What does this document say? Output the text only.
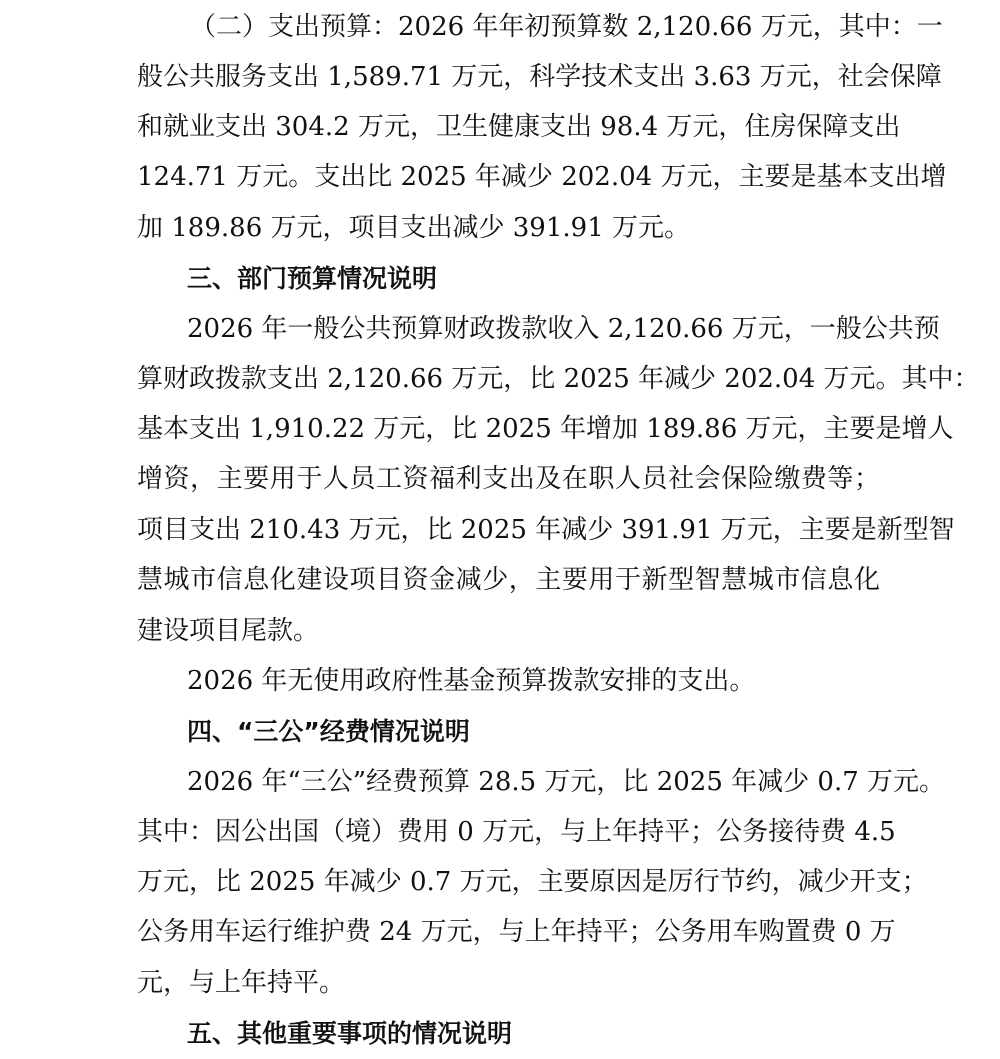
（二）支出预算：2026 年年初预算数 2,120.66 万元，其中：一
般公共服务支出 1,589.71 万元，科学技术支出 3.63 万元，社会保障
和就业支出 304.2 万元，卫生健康支出 98.4 万元，住房保障支出
124.71 万元。支出比 2025 年减少 202.04 万元，主要是基本支出增
加 189.86 万元，项目支出减少 391.91 万元。
三、部门预算情况说明
2026 年一般公共预算财政拨款收入 2,120.66 万元，一般公共预
算财政拨款支出 2,120.66 万元，比 2025 年减少 202.04 万元。其中：
基本支出 1,910.22 万元，比 2025 年增加 189.86 万元，主要是增人
增资，主要用于人员工资福利支出及在职人员社会保险缴费等；
项目支出 210.43 万元，比 2025 年减少 391.91 万元，主要是新型智
慧城市信息化建设项目资金减少，主要用于新型智慧城市信息化
建设项目尾款。
2026 年无使用政府性基金预算拨款安排的支出。
四、“三公”经费情况说明
2026 年“三公”经费预算 28.5 万元，比 2025 年减少 0.7 万元。
其中：因公出国（境）费用 0 万元，与上年持平；公务接待费 4.5
万元，比 2025 年减少 0.7 万元，主要原因是厉行节约，减少开支；
公务用车运行维护费 24 万元，与上年持平；公务用车购置费 0 万
元，与上年持平。
五、其他重要事项的情况说明
